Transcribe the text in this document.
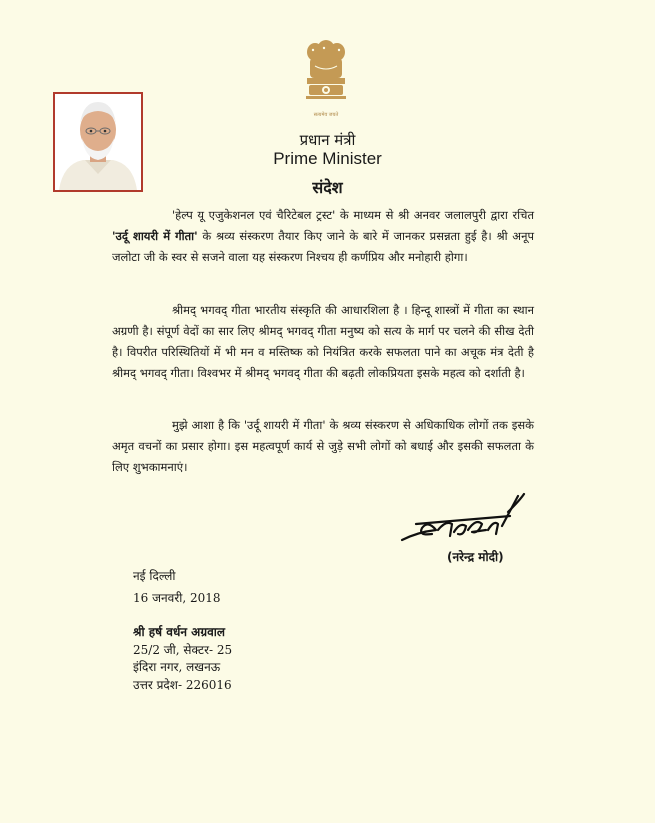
सत्यमेव जयते
प्रधान मंत्री
Prime Minister
संदेश

'हेल्प यू एजुकेशनल एवं चैरिटेबल ट्रस्ट' के माध्यम से श्री अनवर जलालपुरी द्वारा रचित 'उर्दू शायरी में गीता' के श्रव्य संस्करण तैयार किए जाने के बारे में जानकर प्रसन्नता हुई है। श्री अनूप जलोटा जी के स्वर से सजने वाला यह संस्करण निश्चय ही कर्णप्रिय और मनोहारी होगा।

श्रीमद् भगवद् गीता भारतीय संस्कृति की आधारशिला है । हिन्दू शास्त्रों में गीता का स्थान अग्रणी है। संपूर्ण वेदों का सार लिए श्रीमद् भगवद् गीता मनुष्य को सत्य के मार्ग पर चलने की सीख देती है। विपरीत परिस्थितियों में भी मन व मस्तिष्क को नियंत्रित करके सफलता पाने का अचूक मंत्र देती है श्रीमद् भगवद् गीता। विश्वभर में श्रीमद् भगवद् गीता की बढ़ती लोकप्रियता इसके महत्व को दर्शाती है।

मुझे आशा है कि 'उर्दू शायरी में गीता' के श्रव्य संस्करण से अधिकाधिक लोगों तक इसके अमृत वचनों का प्रसार होगा। इस महत्वपूर्ण कार्य से जुड़े सभी लोगों को बधाई और इसकी सफलता के लिए शुभकामनाएं।

(नरेन्द्र मोदी)
नई दिल्ली
16 जनवरी, 2018
श्री हर्ष वर्धन अग्रवाल
25/2 जी, सेक्टर- 25
इंदिरा नगर, लखनऊ
उत्तर प्रदेश- 226016
